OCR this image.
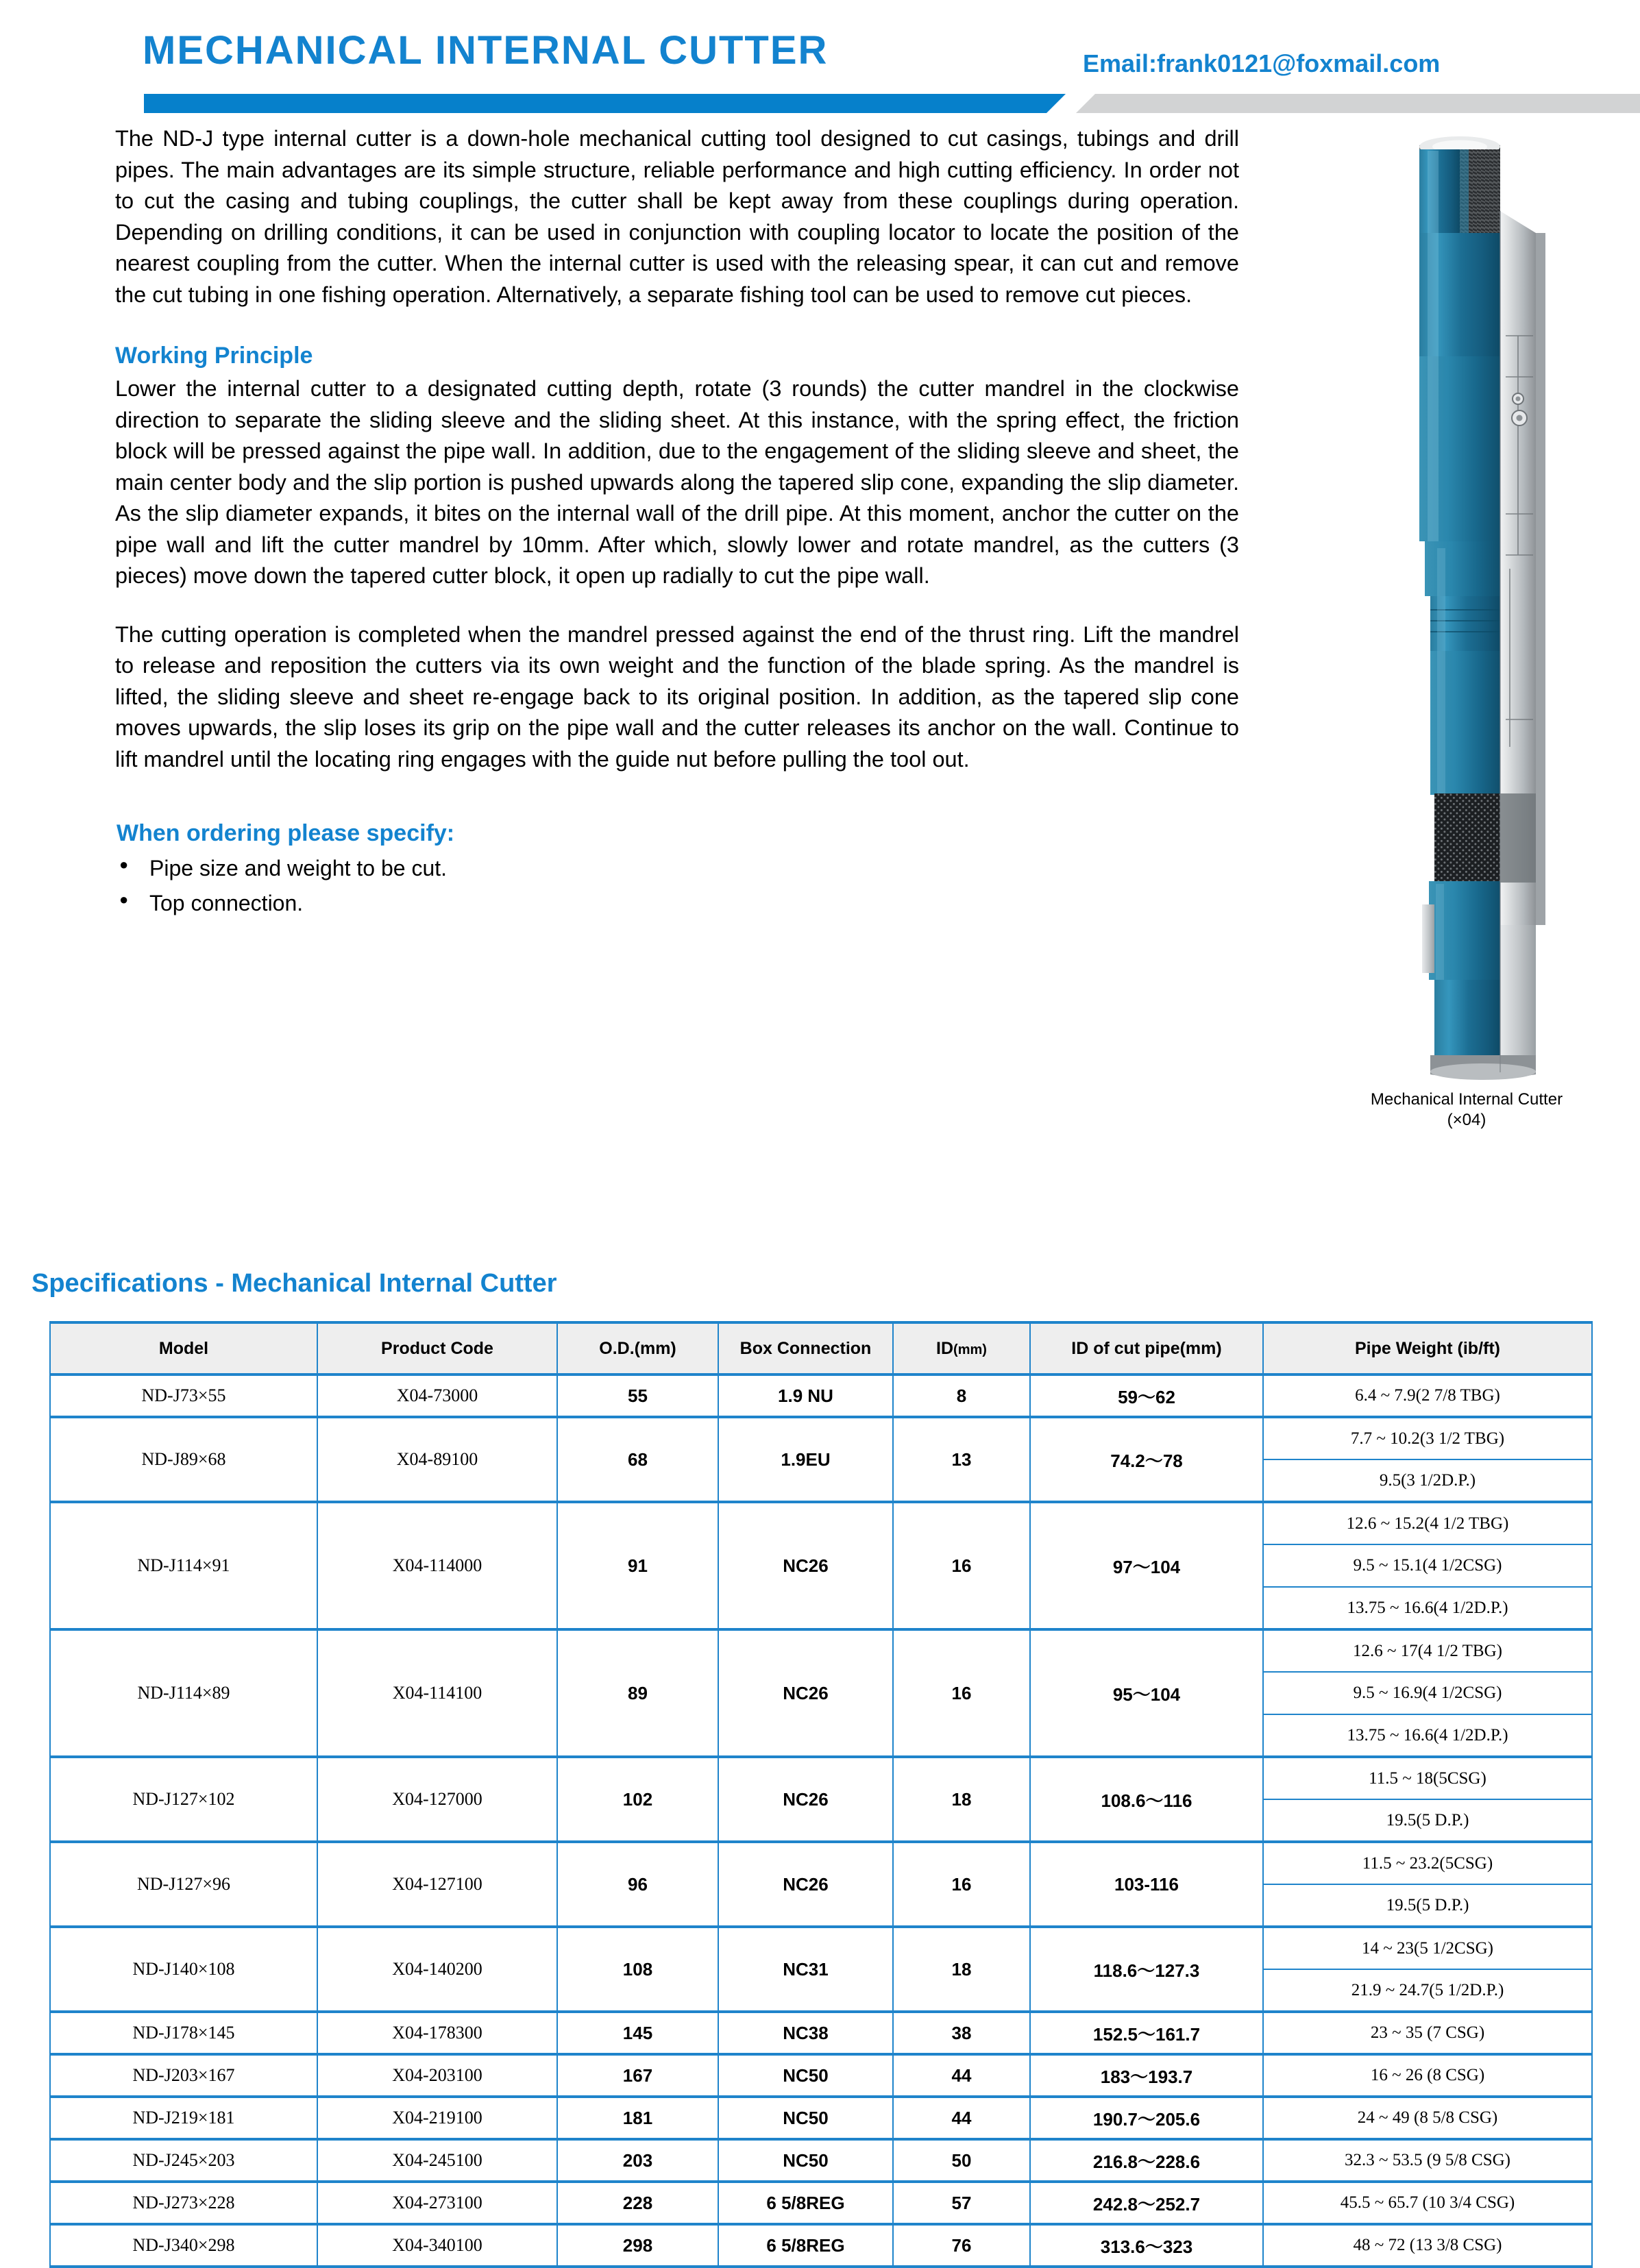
MECHANICAL INTERNAL CUTTER	Email:frank0121@foxmail.com

The ND-J type internal cutter is a down-hole mechanical cutting tool designed to cut casings, tubings and drill pipes. The main advantages are its simple structure, reliable performance and high cutting efficiency. In order not to cut the casing and tubing couplings, the cutter shall be kept away from these couplings during operation. Depending on drilling conditions, it can be used in conjunction with coupling locator to locate the position of the nearest coupling from the cutter. When the internal cutter is used with the releasing spear, it can cut and remove the cut tubing in one fishing operation. Alternatively, a separate fishing tool can be used to remove cut pieces.

Working Principle

Lower the internal cutter to a designated cutting depth, rotate (3 rounds) the cutter mandrel in the clockwise direction to separate the sliding sleeve and the sliding sheet. At this instance, with the spring effect, the friction block will be pressed against the pipe wall. In addition, due to the engagement of the sliding sleeve and sheet, the main center body and the slip portion is pushed upwards along the tapered slip cone, expanding the slip diameter. As the slip diameter expands, it bites on the internal wall of the drill pipe. At this moment, anchor the cutter on the pipe wall and lift the cutter mandrel by 10mm. After which, slowly lower and rotate mandrel, as the cutters (3 pieces) move down the tapered cutter block, it open up radially to cut the pipe wall.

The cutting operation is completed when the mandrel pressed against the end of the thrust ring. Lift the mandrel to release and reposition the cutters via its own weight and the function of the blade spring. As the mandrel is lifted, the sliding sleeve and sheet re-engage back to its original position. In addition, as the tapered slip cone moves upwards, the slip loses its grip on the pipe wall and the cutter releases its anchor on the wall. Continue to lift mandrel until the locating ring engages with the guide nut before pulling the tool out.

When ordering please specify:
● Pipe size and weight to be cut.
● Top connection.
Mechanical Internal Cutter
(×04)
Specifications - Mechanical Internal Cutter
Model	Product Code	O.D.(mm)	Box Connection	ID(mm)	ID of cut pipe(mm)	Pipe Weight (ib/ft)
ND-J73×55	X04-73000	55	1.9 NU	8	59～62	6.4 ~ 7.9(2 7/8 TBG)
ND-J89×68	X04-89100	68	1.9EU	13	74.2～78	7.7 ~ 10.2(3 1/2 TBG)
						9.5(3 1/2D.P.)
ND-J114×91	X04-114000	91	NC26	16	97～104	12.6 ~ 15.2(4 1/2 TBG)
						9.5 ~ 15.1(4 1/2CSG)
						13.75 ~ 16.6(4 1/2D.P.)
ND-J114×89	X04-114100	89	NC26	16	95～104	12.6 ~ 17(4 1/2 TBG)
						9.5 ~ 16.9(4 1/2CSG)
						13.75 ~ 16.6(4 1/2D.P.)
ND-J127×102	X04-127000	102	NC26	18	108.6～116	11.5 ~ 18(5CSG)
						19.5(5 D.P.)
ND-J127×96	X04-127100	96	NC26	16	103-116	11.5 ~ 23.2(5CSG)
						19.5(5 D.P.)
ND-J140×108	X04-140200	108	NC31	18	118.6～127.3	14 ~ 23(5 1/2CSG)
						21.9 ~ 24.7(5 1/2D.P.)
ND-J178×145	X04-178300	145	NC38	38	152.5～161.7	23 ~ 35 (7 CSG)
ND-J203×167	X04-203100	167	NC50	44	183～193.7	16 ~ 26 (8 CSG)
ND-J219×181	X04-219100	181	NC50	44	190.7～205.6	24 ~ 49 (8 5/8 CSG)
ND-J245×203	X04-245100	203	NC50	50	216.8～228.6	32.3 ~ 53.5 (9 5/8 CSG)
ND-J273×228	X04-273100	228	6 5/8REG	57	242.8～252.7	45.5 ~ 65.7 (10 3/4 CSG)
ND-J340×298	X04-340100	298	6 5/8REG	76	313.6～323	48 ~ 72 (13 3/8 CSG)
